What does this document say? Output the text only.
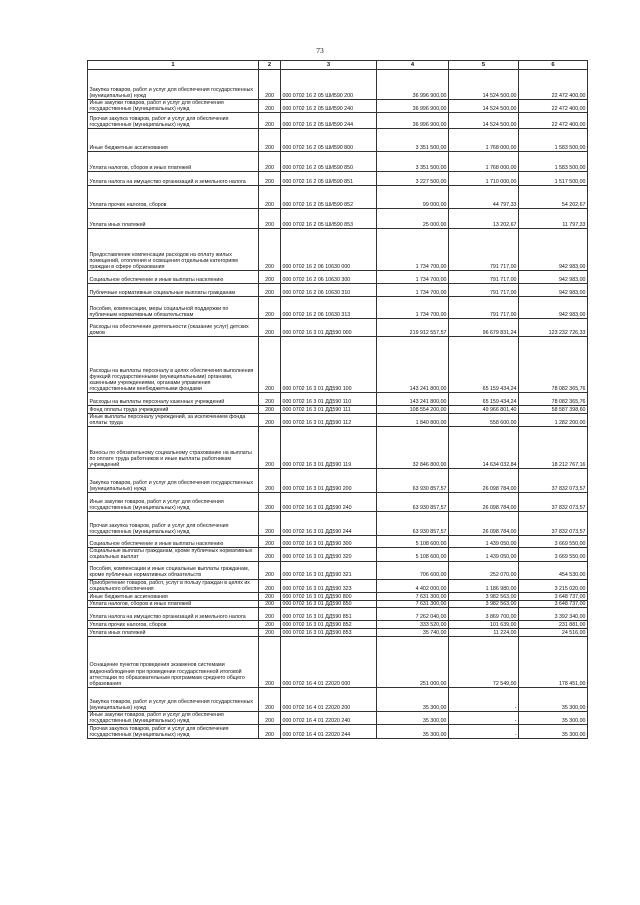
73
1	2	3	4	5	6
Закупка товаров, работ и услуг для обеспечения государственных (муниципальных) нужд	200	000 0702 16 2 05 ШИ590 200	36 996 900,00	14 524 500,00	22 472 400,00
Иные закупки товаров, работ и услуг для обеспечения государственных (муниципальных) нужд	200	000 0702 16 2 05 ШИ590 240	36 996 900,00	14 524 500,00	22 472 400,00
Прочая закупка товаров, работ и услуг для обеспечения государственных (муниципальных) нужд	200	000 0702 16 2 05 ШИ590 244	36 996 900,00	14 524 500,00	22 472 400,00
Иные бюджетные ассигнования	200	000 0702 16 2 05 ШИ590 800	3 351 500,00	1 768 000,00	1 583 500,00
Уплата налогов, сборов и иных платежей	200	000 0702 16 2 05 ШИ590 850	3 351 500,00	1 768 000,00	1 583 500,00
Уплата налога на имущество организаций и земельного налога	200	000 0702 16 2 05 ШИ590 851	3 227 500,00	1 710 000,00	1 517 500,00
Уплата прочих налогов, сборов	200	000 0702 16 2 05 ШИ590 852	99 000,00	44 797,33	54 202,67
Уплата иных платежей	200	000 0702 16 2 05 ШИ590 853	25 000,00	13 202,67	11 797,33
Предоставление компенсации расходов на оплату жилых помещений, отопления и освещения отдельным категориям граждан в сфере образования	200	000 0702 16 2 06 10630 000	1 734 700,00	791 717,00	942 983,00
Социальное обеспечение и иные выплаты населению	200	000 0702 16 2 06 10630 300	1 734 700,00	791 717,00	942 983,00
Публичные нормативные социальные выплаты гражданам	200	000 0702 16 2 06 10630 310	1 734 700,00	791 717,00	942 983,00
Пособия, компенсации, меры социальной поддержки по публичным нормативным обязательствам	200	000 0702 16 2 06 10630 313	1 734 700,00	791 717,00	942 983,00
Расходы на обеспечение деятельности (оказание услуг) детских домов	200	000 0702 16 3 01 ДД590 000	219 912 557,57	96 679 831,24	123 232 726,33
Расходы на выплаты персоналу в целях обеспечения выполнения функций государственными (муниципальными) органами, казенными учреждениями, органами управления государственными внебюджетными фондами	200	000 0702 16 3 01 ДД590 100	143 241 800,00	65 159 434,24	78 082 365,76
Расходы на выплаты персоналу казенных учреждений	200	000 0702 16 3 01 ДД590 110	143 241 800,00	65 159 434,24	78 082 365,76
Фонд оплаты труда учреждений	200	000 0702 16 3 01 ДД590 111	108 554 200,00	49 966 801,40	58 587 398,60
Иные выплаты персоналу учреждений, за исключением фонда оплаты труда	200	000 0702 16 3 01 ДД590 112	1 840 800,00	558 600,00	1 282 200,00
Взносы по обязательному социальному страхованию на выплаты по оплате труда работников и иные выплаты работникам учреждений	200	000 0702 16 3 01 ДД590 119	32 846 800,00	14 634 032,84	18 212 767,16
Закупка товаров, работ и услуг для обеспечения государственных (муниципальных) нужд	200	000 0702 16 3 01 ДД590 200	63 930 857,57	26 098 784,00	37 832 073,57
Иные закупки товаров, работ и услуг для обеспечения государственных (муниципальных) нужд	200	000 0702 16 3 01 ДД590 240	63 930 857,57	26 098 784,00	37 832 073,57
Прочая закупка товаров, работ и услуг для обеспечения государственных (муниципальных) нужд	200	000 0702 16 3 01 ДД590 244	63 930 857,57	26 098 784,00	37 832 073,57
Социальное обеспечение и иные выплаты населению	200	000 0702 16 3 01 ДД590 300	5 108 600,00	1 439 050,00	3 669 550,00
Социальные выплаты гражданам, кроме публичных нормативных социальных выплат	200	000 0702 16 3 01 ДД590 320	5 108 600,00	1 439 050,00	3 669 550,00
Пособия, компенсации и иные социальные выплаты гражданам, кроме публичных нормативных обязательств	200	000 0702 16 3 01 ДД590 321	706 600,00	252 070,00	454 530,00
Приобретение товаров, работ, услуг в пользу граждан в целях их социального обеспечения	200	000 0702 16 3 01 ДД590 323	4 402 000,00	1 186 980,00	3 215 020,00
Иные бюджетные ассигнования	200	000 0702 16 3 01 ДД590 800	7 631 300,00	3 982 563,00	3 648 737,00
Уплата налогов, сборов и иных платежей	200	000 0702 16 3 01 ДД590 850	7 631 300,00	3 982 563,00	3 648 737,00
Уплата налога на имущество организаций и земельного налога	200	000 0702 16 3 01 ДД590 851	7 262 040,00	3 869 700,00	3 392 340,00
Уплата прочих налогов, сборов	200	000 0702 16 3 01 ДД590 852	333 520,00	101 639,00	231 881,00
Уплата иных платежей	200	000 0702 16 3 01 ДД590 853	35 740,00	11 224,00	24 516,00
Оснащение пунктов проведения экзаменов системами видеонаблюдения при проведении государственной итоговой аттестации по образовательным программам среднего общего образования	200	000 0702 16 4 01 22020 000	251 000,00	72 549,00	178 451,00
Закупка товаров, работ и услуг для обеспечения государственных (муниципальных) нужд	200	000 0702 16 4 01 22020 200	35 300,00	-	35 300,00
Иные закупки товаров, работ и услуг для обеспечения государственных (муниципальных) нужд	200	000 0702 16 4 01 22020 240	35 300,00	-	35 300,00
Прочая закупка товаров, работ и услуг для обеспечения государственных (муниципальных) нужд	200	000 0702 16 4 01 22020 244	35 300,00	-	35 300,00
